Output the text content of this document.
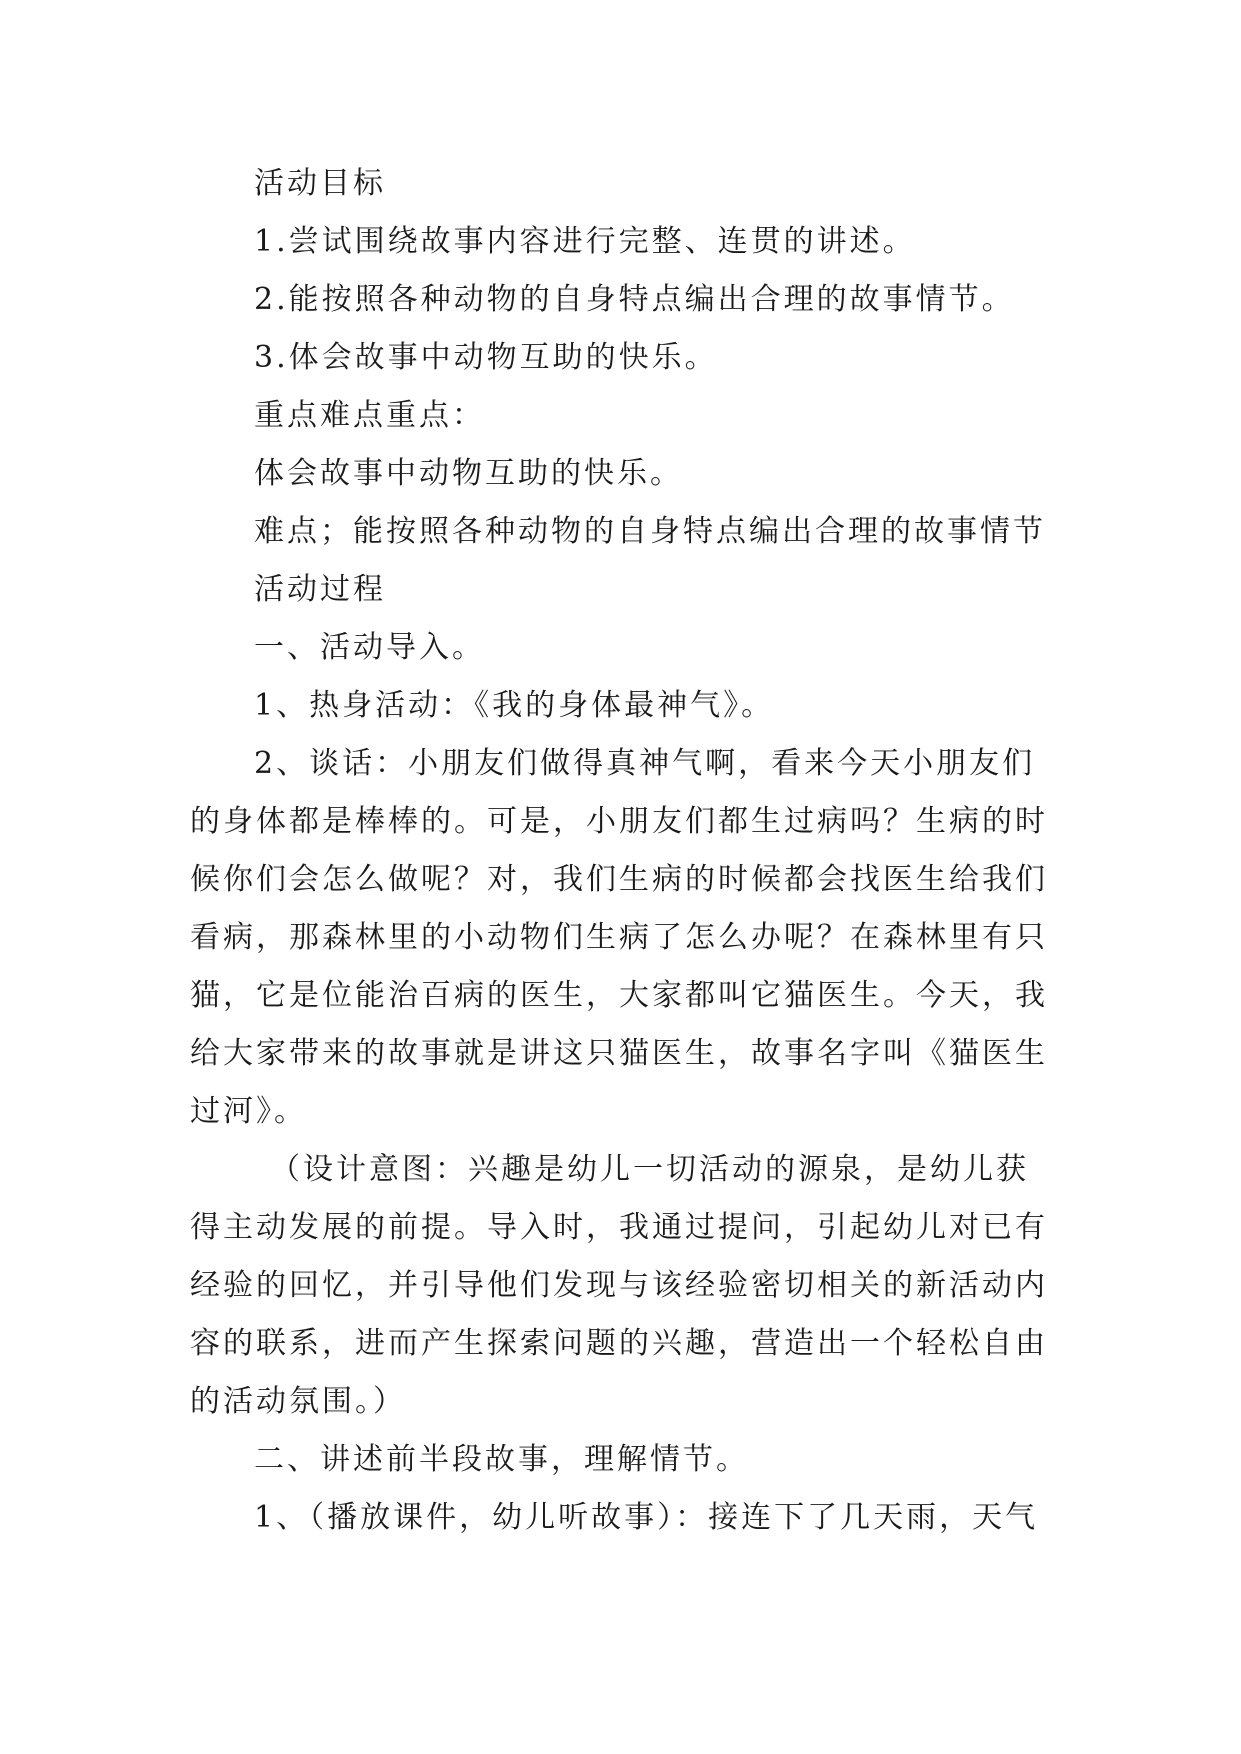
活动目标

1.尝试围绕故事内容进行完整、连贯的讲述。

2.能按照各种动物的自身特点编出合理的故事情节。

3.体会故事中动物互助的快乐。

重点难点重点：

体会故事中动物互助的快乐。

难点；能按照各种动物的自身特点编出合理的故事情节

活动过程

一、活动导入。

1、热身活动：《我的身体最神气》。

2、谈话：小朋友们做得真神气啊，看来今天小朋友们的身体都是棒棒的。可是，小朋友们都生过病吗？生病的时候你们会怎么做呢？对，我们生病的时候都会找医生给我们看病，那森林里的小动物们生病了怎么办呢？在森林里有只猫，它是位能治百病的医生，大家都叫它猫医生。今天，我给大家带来的故事就是讲这只猫医生，故事名字叫《猫医生过河》。

（设计意图：兴趣是幼儿一切活动的源泉，是幼儿获得主动发展的前提。导入时，我通过提问，引起幼儿对已有经验的回忆，并引导他们发现与该经验密切相关的新活动内容的联系，进而产生探索问题的兴趣，营造出一个轻松自由的活动氛围。）

二、讲述前半段故事，理解情节。

1、（播放课件，幼儿听故事）：接连下了几天雨，天气
